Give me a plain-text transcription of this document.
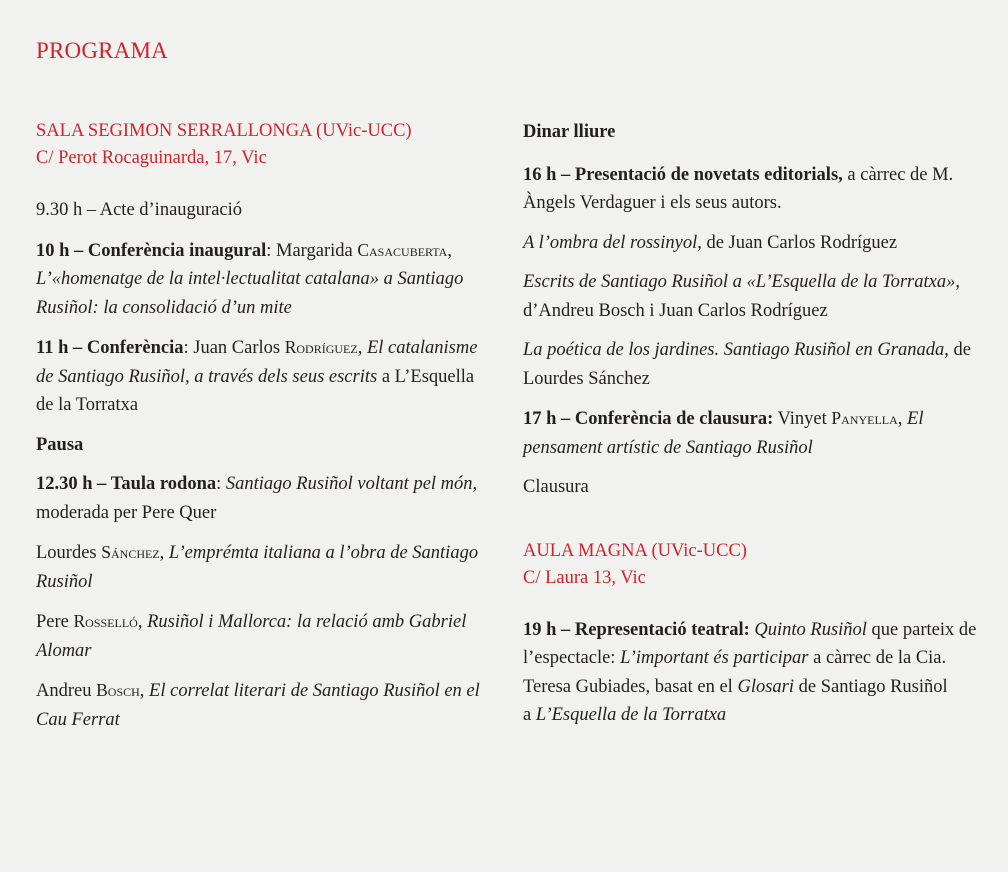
PROGRAMA
SALA SEGIMON SERRALLONGA (UVic-UCC)
C/ Perot Rocaguinarda, 17, Vic

9.30 h – Acte d’inauguració

10 h – Conferència inaugural: Margarida Casacuberta, L’«homenatge de la intel·lectualitat catalana» a Santiago Rusiñol: la consolidació d’un mite

11 h – Conferència: Juan Carlos Rodríguez, El catalanisme de Santiago Rusiñol, a través dels seus escrits a L’Esquella de la Torratxa

Pausa

12.30 h – Taula rodona: Santiago Rusiñol voltant pel món, moderada per Pere Quer

Lourdes Sánchez, L’emprémta italiana a l’obra de Santiago Rusiñol

Pere Rosselló, Rusiñol i Mallorca: la relació amb Gabriel Alomar

Andreu Bosch, El correlat literari de Santiago Rusiñol en el Cau Ferrat

Dinar lliure

16 h – Presentació de novetats editorials, a càrrec de M. Àngels Verdaguer i els seus autors.

A l’ombra del rossinyol, de Juan Carlos Rodríguez

Escrits de Santiago Rusiñol a «L’Esquella de la Torratxa», d’Andreu Bosch i Juan Carlos Rodríguez

La poética de los jardines. Santiago Rusiñol en Granada, de Lourdes Sánchez

17 h – Conferència de clausura: Vinyet Panyella, El pensament artístic de Santiago Rusiñol

Clausura

AULA MAGNA (UVic-UCC)
C/ Laura 13, Vic

19 h – Representació teatral: Quinto Rusiñol que parteix de l’espectacle: L’important és participar a càrrec de la Cia. Teresa Gubiades, basat en el Glosari de Santiago Rusiñol
a L’Esquella de la Torratxa
